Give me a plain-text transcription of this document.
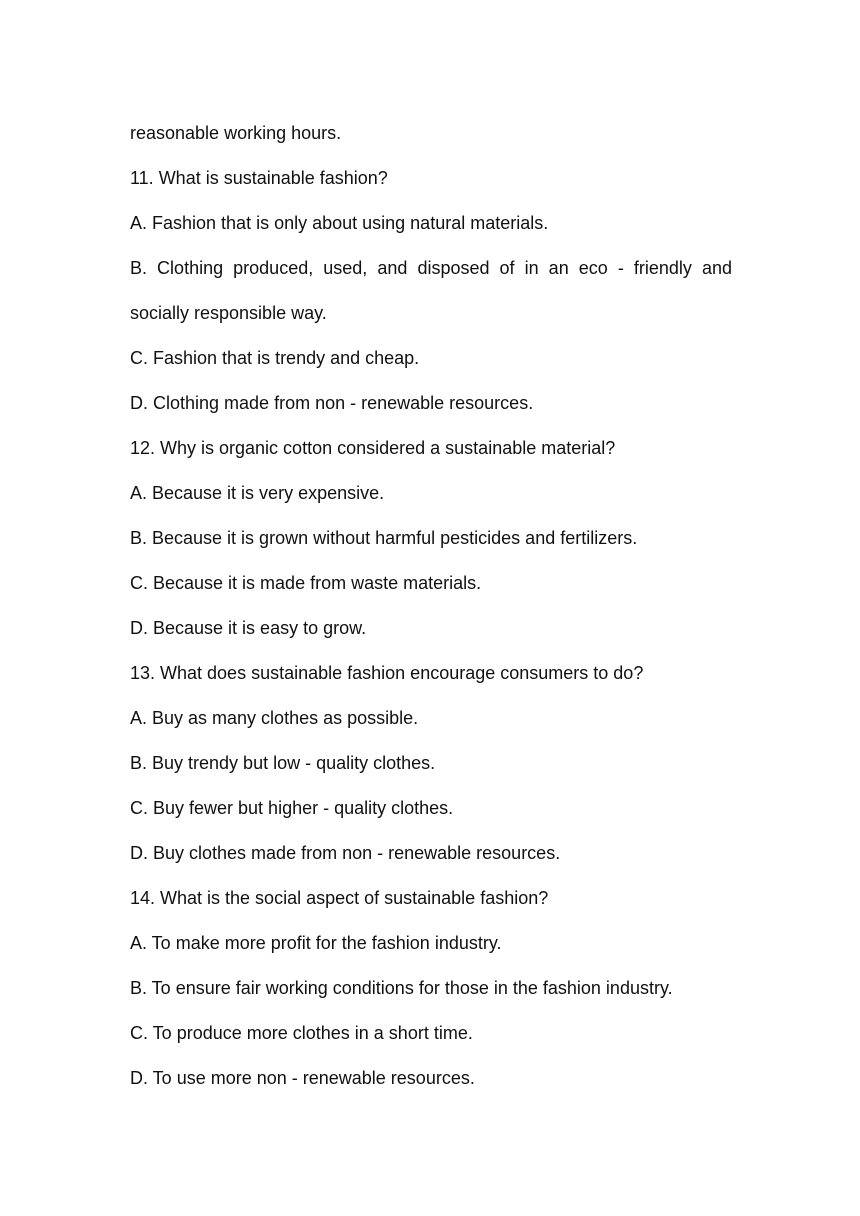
reasonable working hours.

11. What is sustainable fashion?

A. Fashion that is only about using natural materials.

B. Clothing produced, used, and disposed of in an eco - friendly and socially responsible way.

C. Fashion that is trendy and cheap.

D. Clothing made from non - renewable resources.

12. Why is organic cotton considered a sustainable material?

A. Because it is very expensive.

B. Because it is grown without harmful pesticides and fertilizers.

C. Because it is made from waste materials.

D. Because it is easy to grow.

13. What does sustainable fashion encourage consumers to do?

A. Buy as many clothes as possible.

B. Buy trendy but low - quality clothes.

C. Buy fewer but higher - quality clothes.

D. Buy clothes made from non - renewable resources.

14. What is the social aspect of sustainable fashion?

A. To make more profit for the fashion industry.

B. To ensure fair working conditions for those in the fashion industry.

C. To produce more clothes in a short time.

D. To use more non - renewable resources.
